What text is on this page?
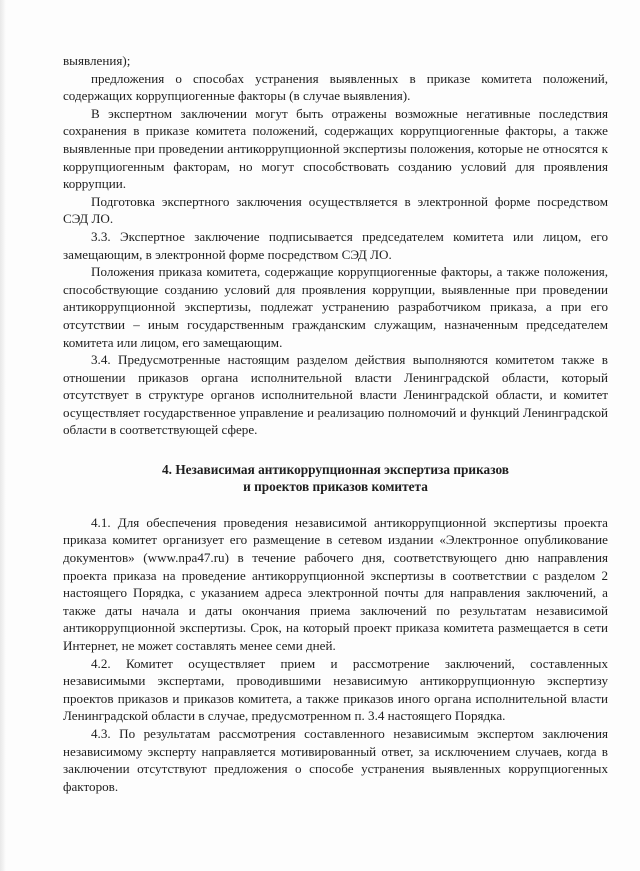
выявления);

предложения о способах устранения выявленных в приказе комитета положений, содержащих коррупциогенные факторы (в случае выявления).

В экспертном заключении могут быть отражены возможные негативные последствия сохранения в приказе комитета положений, содержащих коррупциогенные факторы, а также выявленные при проведении антикоррупционной экспертизы положения, которые не относятся к коррупциогенным факторам, но могут способствовать созданию условий для проявления коррупции.

Подготовка экспертного заключения осуществляется в электронной форме посредством СЭД ЛО.

3.3. Экспертное заключение подписывается председателем комитета или лицом, его замещающим, в электронной форме посредством СЭД ЛО.

Положения приказа комитета, содержащие коррупциогенные факторы, а также положения, способствующие созданию условий для проявления коррупции, выявленные при проведении антикоррупционной экспертизы, подлежат устранению разработчиком приказа, а при его отсутствии – иным государственным гражданским служащим, назначенным председателем комитета или лицом, его замещающим.

3.4. Предусмотренные настоящим разделом действия выполняются комитетом также в отношении приказов органа исполнительной власти Ленинградской области, который отсутствует в структуре органов исполнительной власти Ленинградской области, и комитет осуществляет государственное управление и реализацию полномочий и функций Ленинградской области в соответствующей сфере.

4. Независимая антикоррупционная экспертиза приказов

и проектов приказов комитета

4.1. Для обеспечения проведения независимой антикоррупционной экспертизы проекта приказа комитет организует его размещение в сетевом издании «Электронное опубликование документов» (www.npa47.ru) в течение рабочего дня, соответствующего дню направления проекта приказа на проведение антикоррупционной экспертизы в соответствии с разделом 2 настоящего Порядка, с указанием адреса электронной почты для направления заключений, а также даты начала и даты окончания приема заключений по результатам независимой антикоррупционной экспертизы. Срок, на который проект приказа комитета размещается в сети Интернет, не может составлять менее семи дней.

4.2. Комитет осуществляет прием и рассмотрение заключений, составленных независимыми экспертами, проводившими независимую антикоррупционную экспертизу проектов приказов и приказов комитета, а также приказов иного органа исполнительной власти Ленинградской области в случае, предусмотренном п. 3.4 настоящего Порядка.

4.3. По результатам рассмотрения составленного независимым экспертом заключения независимому эксперту направляется мотивированный ответ, за исключением случаев, когда в заключении отсутствуют предложения о способе устранения выявленных коррупциогенных факторов.
